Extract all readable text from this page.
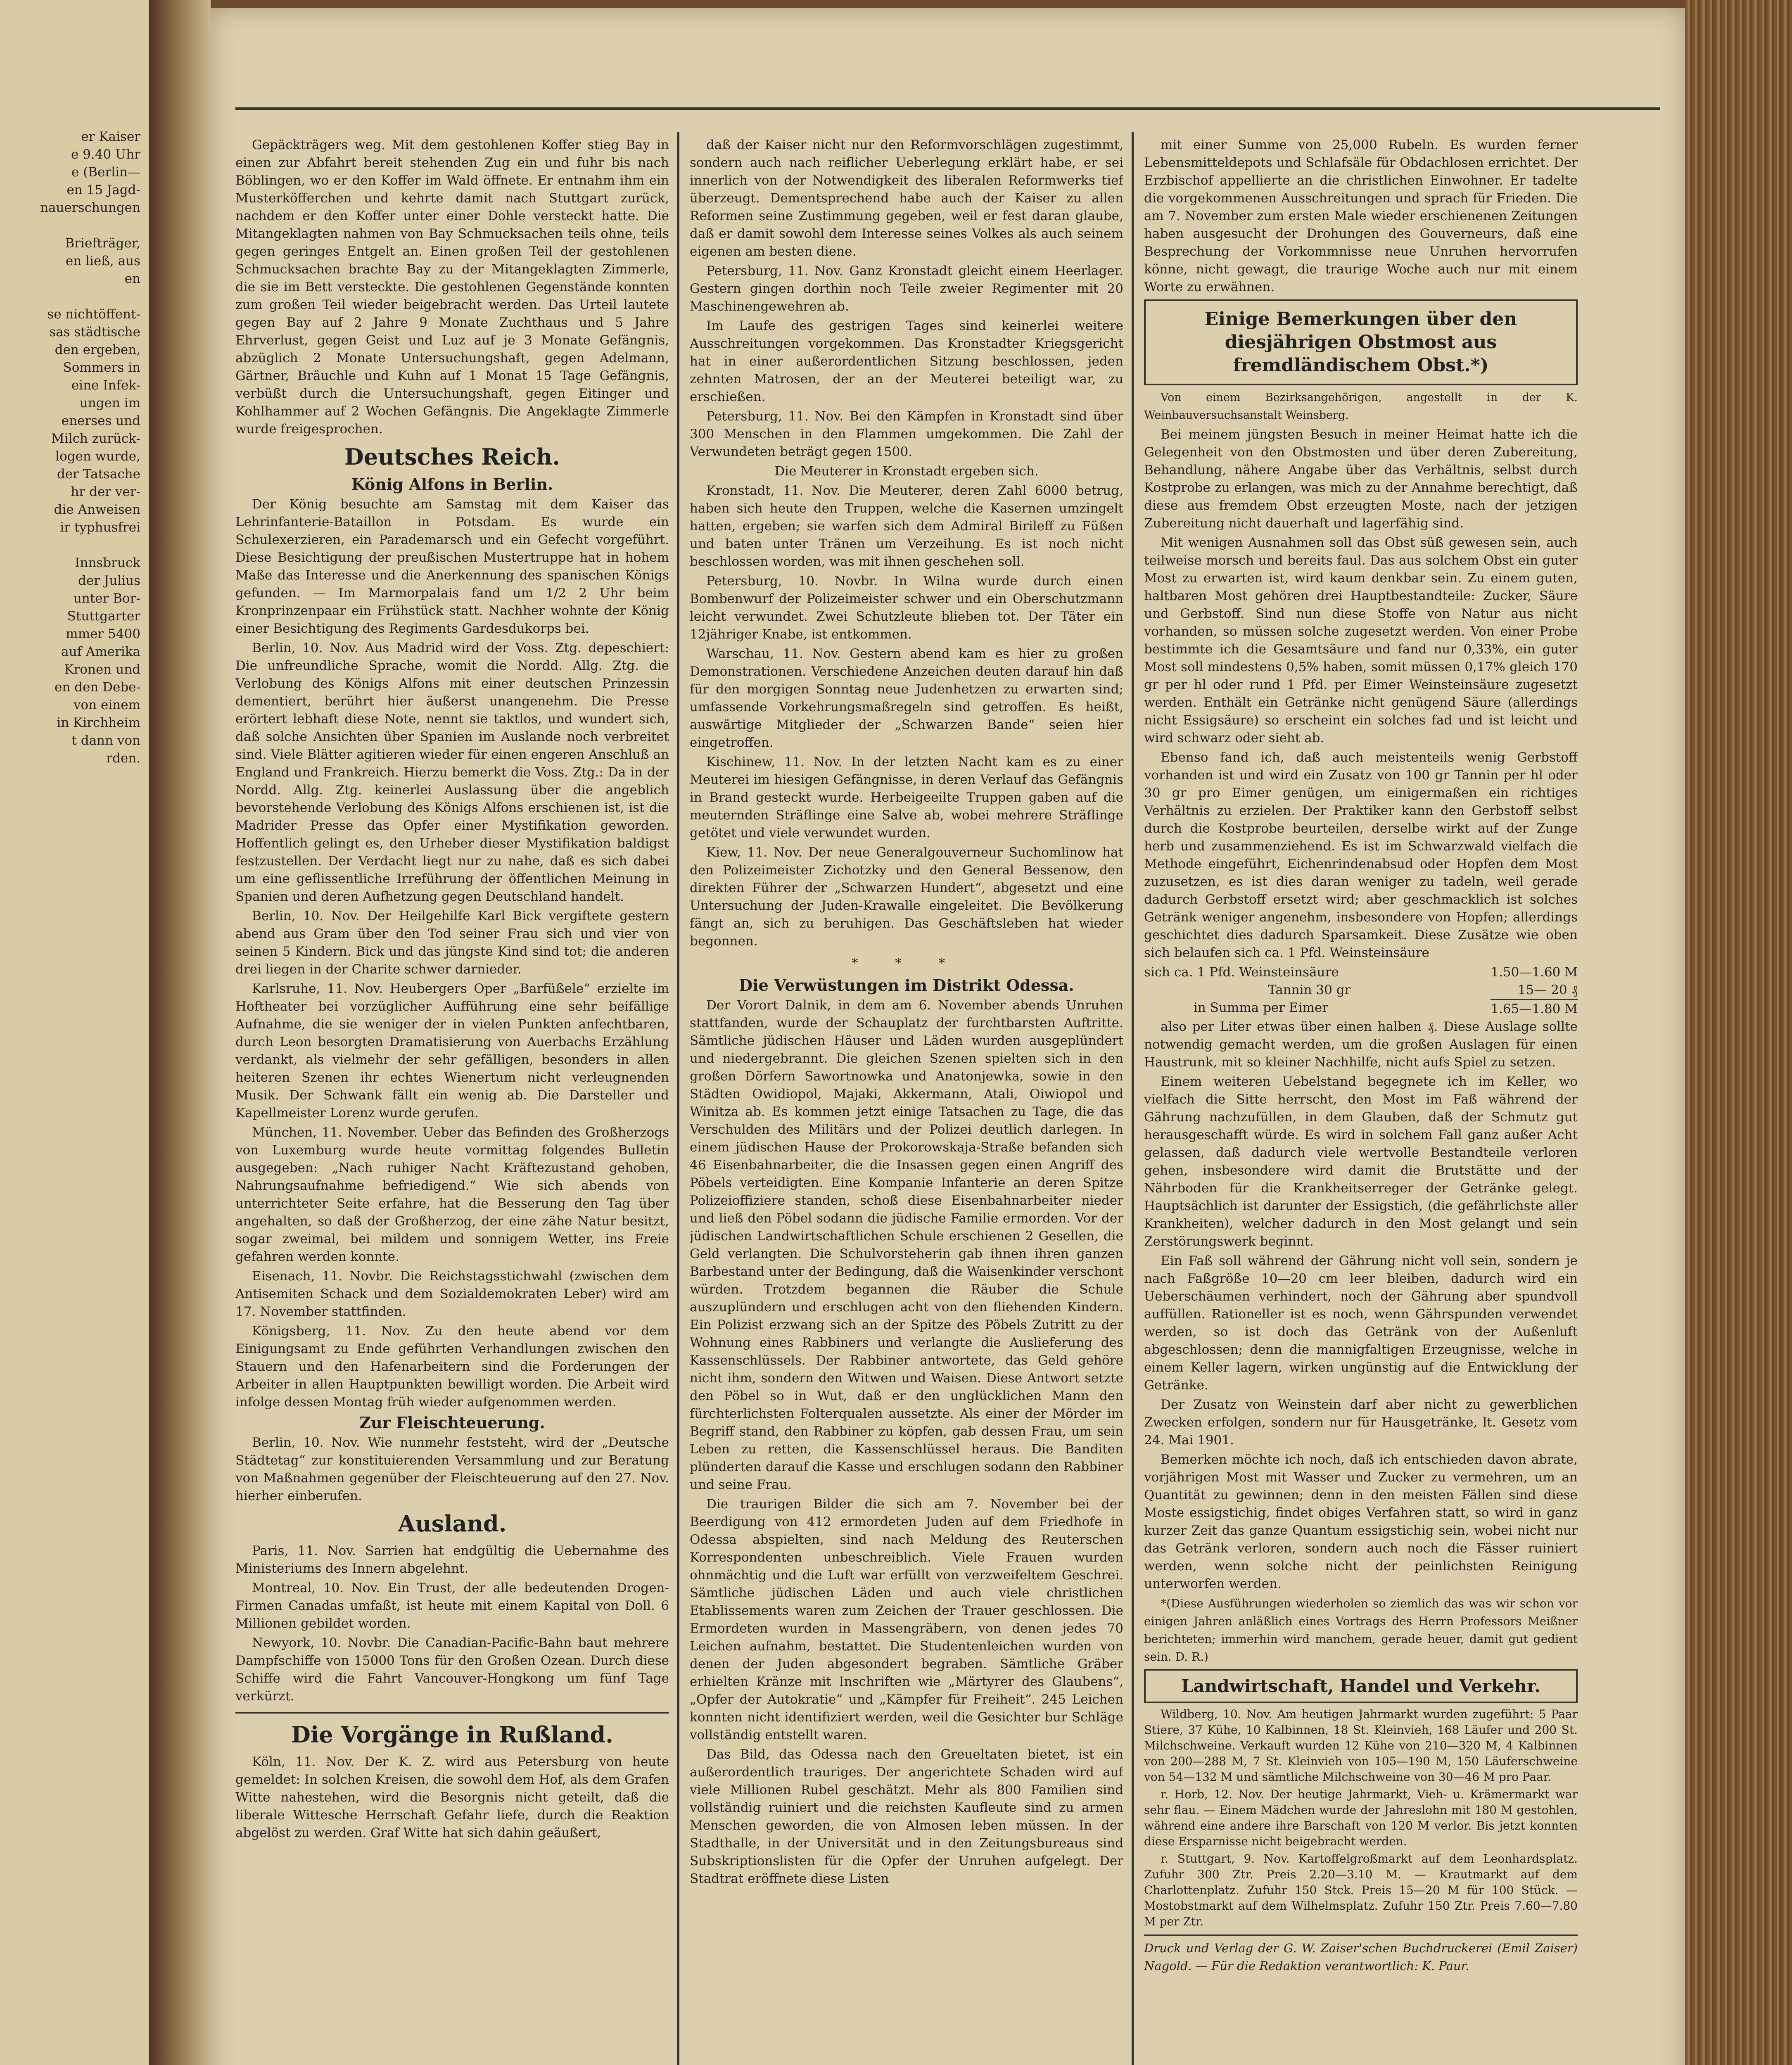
er Kaiser
e 9.40 Uhr
e (Berlin—
en 15 Jagd-
nauerschungen

Briefträger,
en ließ, aus
en

se nichtöffent-
sas städtische
den ergeben,
Sommers in
eine Infek-
ungen im
enerses und
Milch zurück-
logen wurde,
der Tatsache
hr der ver-
die Anweisen
ir typhusfrei

Innsbruck
der Julius
unter Bor-
Stuttgarter
mmer 5400
auf Amerika
Kronen und
en den Debe-
von einem
in Kirchheim
t dann von
rden.

Gepäckträgers weg. Mit dem gestohlenen Koffer stieg Bay in einen zur Abfahrt bereit stehenden Zug ein und fuhr bis nach Böblingen, wo er den Koffer im Wald öffnete. Er entnahm ihm ein Musterköfferchen und kehrte damit nach Stuttgart zurück, nachdem er den Koffer unter einer Dohle versteckt hatte. Die Mitangeklagten nahmen von Bay Schmucksachen teils ohne, teils gegen geringes Entgelt an. Einen großen Teil der gestohlenen Schmucksachen brachte Bay zu der Mitangeklagten Zimmerle, die sie im Bett versteckte. Die gestohlenen Gegenstände konnten zum großen Teil wieder beigebracht werden. Das Urteil lautete gegen Bay auf 2 Jahre 9 Monate Zuchthaus und 5 Jahre Ehrverlust, gegen Geist und Luz auf je 3 Monate Gefängnis, abzüglich 2 Monate Untersuchungshaft, gegen Adelmann, Gärtner, Bräuchle und Kuhn auf 1 Monat 15 Tage Gefängnis, verbüßt durch die Untersuchungshaft, gegen Eitinger und Kohlhammer auf 2 Wochen Gefängnis. Die Angeklagte Zimmerle wurde freigesprochen.

Deutsches Reich.
König Alfons in Berlin.

Der König besuchte am Samstag mit dem Kaiser das Lehrinfanterie-Bataillon in Potsdam. Es wurde ein Schulexerzieren, ein Parademarsch und ein Gefecht vorgeführt. Diese Besichtigung der preußischen Mustertruppe hat in hohem Maße das Interesse und die Anerkennung des spanischen Königs gefunden. — Im Marmorpalais fand um 1/2 2 Uhr beim Kronprinzenpaar ein Frühstück statt. Nachher wohnte der König einer Besichtigung des Regiments Gardesdukorps bei.

Berlin, 10. Nov. Aus Madrid wird der Voss. Ztg. depeschiert: Die unfreundliche Sprache, womit die Nordd. Allg. Ztg. die Verlobung des Königs Alfons mit einer deutschen Prinzessin dementiert, berührt hier äußerst unangenehm. Die Presse erörtert lebhaft diese Note, nennt sie taktlos, und wundert sich, daß solche Ansichten über Spanien im Auslande noch verbreitet sind. Viele Blätter agitieren wieder für einen engeren Anschluß an England und Frankreich. Hierzu bemerkt die Voss. Ztg.: Da in der Nordd. Allg. Ztg. keinerlei Auslassung über die angeblich bevorstehende Verlobung des Königs Alfons erschienen ist, ist die Madrider Presse das Opfer einer Mystifikation geworden. Hoffentlich gelingt es, den Urheber dieser Mystifikation baldigst festzustellen. Der Verdacht liegt nur zu nahe, daß es sich dabei um eine geflissentliche Irreführung der öffentlichen Meinung in Spanien und deren Aufhetzung gegen Deutschland handelt.

Berlin, 10. Nov. Der Heilgehilfe Karl Bick vergiftete gestern abend aus Gram über den Tod seiner Frau sich und vier von seinen 5 Kindern. Bick und das jüngste Kind sind tot; die anderen drei liegen in der Charite schwer darnieder.

Karlsruhe, 11. Nov. Heubergers Oper „Barfüßele“ erzielte im Hoftheater bei vorzüglicher Aufführung eine sehr beifällige Aufnahme, die sie weniger der in vielen Punkten anfechtbaren, durch Leon besorgten Dramatisierung von Auerbachs Erzählung verdankt, als vielmehr der sehr gefälligen, besonders in allen heiteren Szenen ihr echtes Wienertum nicht verleugnenden Musik. Der Schwank fällt ein wenig ab. Die Darsteller und Kapellmeister Lorenz wurde gerufen.

München, 11. November. Ueber das Befinden des Großherzogs von Luxemburg wurde heute vormittag folgendes Bulletin ausgegeben: „Nach ruhiger Nacht Kräftezustand gehoben, Nahrungsaufnahme befriedigend.“ Wie sich abends von unterrichteter Seite erfahre, hat die Besserung den Tag über angehalten, so daß der Großherzog, der eine zähe Natur besitzt, sogar zweimal, bei mildem und sonnigem Wetter, ins Freie gefahren werden konnte.

Eisenach, 11. Novbr. Die Reichstagsstichwahl (zwischen dem Antisemiten Schack und dem Sozialdemokraten Leber) wird am 17. November stattfinden.

Königsberg, 11. Nov. Zu den heute abend vor dem Einigungsamt zu Ende geführten Verhandlungen zwischen den Stauern und den Hafenarbeitern sind die Forderungen der Arbeiter in allen Hauptpunkten bewilligt worden. Die Arbeit wird infolge dessen Montag früh wieder aufgenommen werden.

Zur Fleischteuerung.

Berlin, 10. Nov. Wie nunmehr feststeht, wird der „Deutsche Städtetag“ zur konstituierenden Versammlung und zur Beratung von Maßnahmen gegenüber der Fleischteuerung auf den 27. Nov. hierher einberufen.

Ausland.

Paris, 11. Nov. Sarrien hat endgültig die Uebernahme des Ministeriums des Innern abgelehnt.

Montreal, 10. Nov. Ein Trust, der alle bedeutenden Drogen-Firmen Canadas umfaßt, ist heute mit einem Kapital von Doll. 6 Millionen gebildet worden.

Newyork, 10. Novbr. Die Canadian-Pacific-Bahn baut mehrere Dampfschiffe von 15000 Tons für den Großen Ozean. Durch diese Schiffe wird die Fahrt Vancouver-Hongkong um fünf Tage verkürzt.

Die Vorgänge in Rußland.

Köln, 11. Nov. Der K. Z. wird aus Petersburg von heute gemeldet: In solchen Kreisen, die sowohl dem Hof, als dem Grafen Witte nahestehen, wird die Besorgnis nicht geteilt, daß die liberale Wittesche Herrschaft Gefahr liefe, durch die Reaktion abgelöst zu werden. Graf Witte hat sich dahin geäußert,

daß der Kaiser nicht nur den Reformvorschlägen zugestimmt, sondern auch nach reiflicher Ueberlegung erklärt habe, er sei innerlich von der Notwendigkeit des liberalen Reformwerks tief überzeugt. Dementsprechend habe auch der Kaiser zu allen Reformen seine Zustimmung gegeben, weil er fest daran glaube, daß er damit sowohl dem Interesse seines Volkes als auch seinem eigenen am besten diene.

Petersburg, 11. Nov. Ganz Kronstadt gleicht einem Heerlager. Gestern gingen dorthin noch Teile zweier Regimenter mit 20 Maschinengewehren ab.

Im Laufe des gestrigen Tages sind keinerlei weitere Ausschreitungen vorgekommen. Das Kronstadter Kriegsgericht hat in einer außerordentlichen Sitzung beschlossen, jeden zehnten Matrosen, der an der Meuterei beteiligt war, zu erschießen.

Petersburg, 11. Nov. Bei den Kämpfen in Kronstadt sind über 300 Menschen in den Flammen umgekommen. Die Zahl der Verwundeten beträgt gegen 1500.

Die Meuterer in Kronstadt ergeben sich.

Kronstadt, 11. Nov. Die Meuterer, deren Zahl 6000 betrug, haben sich heute den Truppen, welche die Kasernen umzingelt hatten, ergeben; sie warfen sich dem Admiral Birileff zu Füßen und baten unter Tränen um Verzeihung. Es ist noch nicht beschlossen worden, was mit ihnen geschehen soll.

Petersburg, 10. Novbr. In Wilna wurde durch einen Bombenwurf der Polizeimeister schwer und ein Oberschutzmann leicht verwundet. Zwei Schutzleute blieben tot. Der Täter ein 12jähriger Knabe, ist entkommen.

Warschau, 11. Nov. Gestern abend kam es hier zu großen Demonstrationen. Verschiedene Anzeichen deuten darauf hin daß für den morgigen Sonntag neue Judenhetzen zu erwarten sind; umfassende Vorkehrungsmaßregeln sind getroffen. Es heißt, auswärtige Mitglieder der „Schwarzen Bande“ seien hier eingetroffen.

Kischinew, 11. Nov. In der letzten Nacht kam es zu einer Meuterei im hiesigen Gefängnisse, in deren Verlauf das Gefängnis in Brand gesteckt wurde. Herbeigeeilte Truppen gaben auf die meuternden Sträflinge eine Salve ab, wobei mehrere Sträflinge getötet und viele verwundet wurden.

Kiew, 11. Nov. Der neue Generalgouverneur Suchomlinow hat den Polizeimeister Zichotzky und den General Bessenow, den direkten Führer der „Schwarzen Hundert“, abgesetzt und eine Untersuchung der Juden-Krawalle eingeleitet. Die Bevölkerung fängt an, sich zu beruhigen. Das Geschäftsleben hat wieder begonnen.

* * *
Die Verwüstungen im Distrikt Odessa.

Der Vorort Dalnik, in dem am 6. November abends Unruhen stattfanden, wurde der Schauplatz der furchtbarsten Auftritte. Sämtliche jüdischen Häuser und Läden wurden ausgeplündert und niedergebrannt. Die gleichen Szenen spielten sich in den großen Dörfern Sawortnowka und Anatonjewka, sowie in den Städten Owidiopol, Majaki, Akkermann, Atali, Oiwiopol und Winitza ab. Es kommen jetzt einige Tatsachen zu Tage, die das Verschulden des Militärs und der Polizei deutlich darlegen. In einem jüdischen Hause der Prokorowskaja-Straße befanden sich 46 Eisenbahnarbeiter, die die Insassen gegen einen Angriff des Pöbels verteidigten. Eine Kompanie Infanterie an deren Spitze Polizeioffiziere standen, schoß diese Eisenbahnarbeiter nieder und ließ den Pöbel sodann die jüdische Familie ermorden. Vor der jüdischen Landwirtschaftlichen Schule erschienen 2 Gesellen, die Geld verlangten. Die Schulvorsteherin gab ihnen ihren ganzen Barbestand unter der Bedingung, daß die Waisenkinder verschont würden. Trotzdem begannen die Räuber die Schule auszuplündern und erschlugen acht von den fliehenden Kindern. Ein Polizist erzwang sich an der Spitze des Pöbels Zutritt zu der Wohnung eines Rabbiners und verlangte die Auslieferung des Kassenschlüssels. Der Rabbiner antwortete, das Geld gehöre nicht ihm, sondern den Witwen und Waisen. Diese Antwort setzte den Pöbel so in Wut, daß er den unglücklichen Mann den fürchterlichsten Folterqualen aussetzte. Als einer der Mörder im Begriff stand, den Rabbiner zu köpfen, gab dessen Frau, um sein Leben zu retten, die Kassenschlüssel heraus. Die Banditen plünderten darauf die Kasse und erschlugen sodann den Rabbiner und seine Frau.

Die traurigen Bilder die sich am 7. November bei der Beerdigung von 412 ermordeten Juden auf dem Friedhofe in Odessa abspielten, sind nach Meldung des Reuterschen Korrespondenten unbeschreiblich. Viele Frauen wurden ohnmächtig und die Luft war erfüllt von verzweifeltem Geschrei. Sämtliche jüdischen Läden und auch viele christlichen Etablissements waren zum Zeichen der Trauer geschlossen. Die Ermordeten wurden in Massengräbern, von denen jedes 70 Leichen aufnahm, bestattet. Die Studentenleichen wurden von denen der Juden abgesondert begraben. Sämtliche Gräber erhielten Kränze mit Inschriften wie „Märtyrer des Glaubens“, „Opfer der Autokratie“ und „Kämpfer für Freiheit“. 245 Leichen konnten nicht identifiziert werden, weil die Gesichter bur Schläge vollständig entstellt waren.

Das Bild, das Odessa nach den Greueltaten bietet, ist ein außerordentlich trauriges. Der angerichtete Schaden wird auf viele Millionen Rubel geschätzt. Mehr als 800 Familien sind vollständig ruiniert und die reichsten Kaufleute sind zu armen Menschen geworden, die von Almosen leben müssen. In der Stadthalle, in der Universität und in den Zeitungsbureaus sind Subskriptionslisten für die Opfer der Unruhen aufgelegt. Der Stadtrat eröffnete diese Listen

mit einer Summe von 25,000 Rubeln. Es wurden ferner Lebensmitteldepots und Schlafsäle für Obdachlosen errichtet. Der Erzbischof appellierte an die christlichen Einwohner. Er tadelte die vorgekommenen Ausschreitungen und sprach für Frieden. Die am 7. November zum ersten Male wieder erschienenen Zeitungen haben ausgesucht der Drohungen des Gouverneurs, daß eine Besprechung der Vorkommnisse neue Unruhen hervorrufen könne, nicht gewagt, die traurige Woche auch nur mit einem Worte zu erwähnen.

Einige Bemerkungen über den diesjährigen Obstmost aus fremdländischem Obst.*)

Von einem Bezirksangehörigen, angestellt in der K. Weinbauversuchsanstalt Weinsberg.

Bei meinem jüngsten Besuch in meiner Heimat hatte ich die Gelegenheit von den Obstmosten und über deren Zubereitung, Behandlung, nähere Angabe über das Verhältnis, selbst durch Kostprobe zu erlangen, was mich zu der Annahme berechtigt, daß diese aus fremdem Obst erzeugten Moste, nach der jetzigen Zubereitung nicht dauerhaft und lagerfähig sind.

Mit wenigen Ausnahmen soll das Obst süß gewesen sein, auch teilweise morsch und bereits faul. Das aus solchem Obst ein guter Most zu erwarten ist, wird kaum denkbar sein. Zu einem guten, haltbaren Most gehören drei Hauptbestandteile: Zucker, Säure und Gerbstoff. Sind nun diese Stoffe von Natur aus nicht vorhanden, so müssen solche zugesetzt werden. Von einer Probe bestimmte ich die Gesamtsäure und fand nur 0,33%, ein guter Most soll mindestens 0,5% haben, somit müssen 0,17% gleich 170 gr per hl oder rund 1 Pfd. per Eimer Weinsteinsäure zugesetzt werden. Enthält ein Getränke nicht genügend Säure (allerdings nicht Essigsäure) so erscheint ein solches fad und ist leicht und wird schwarz oder sieht ab.

Ebenso fand ich, daß auch meistenteils wenig Gerbstoff vorhanden ist und wird ein Zusatz von 100 gr Tannin per hl oder 30 gr pro Eimer genügen, um einigermaßen ein richtiges Verhältnis zu erzielen. Der Praktiker kann den Gerbstoff selbst durch die Kostprobe beurteilen, derselbe wirkt auf der Zunge herb und zusammenziehend. Es ist im Schwarzwald vielfach die Methode eingeführt, Eichenrindenabsud oder Hopfen dem Most zuzusetzen, es ist dies daran weniger zu tadeln, weil gerade dadurch Gerbstoff ersetzt wird; aber geschmacklich ist solches Getränk weniger angenehm, insbesondere von Hopfen; allerdings geschichtet dies dadurch Sparsamkeit. Diese Zusätze wie oben sich belaufen sich ca. 1 Pfd. Weinsteinsäure

sich ca. 1 Pfd. Weinsteinsäure	1.50—1.60 M
Tannin 30 gr	15— 20 ₰
in Summa per Eimer	1.65—1.80 M

also per Liter etwas über einen halben ₰. Diese Auslage sollte notwendig gemacht werden, um die großen Auslagen für einen Haustrunk, mit so kleiner Nachhilfe, nicht aufs Spiel zu setzen.

Einem weiteren Uebelstand begegnete ich im Keller, wo vielfach die Sitte herrscht, den Most im Faß während der Gährung nachzufüllen, in dem Glauben, daß der Schmutz gut herausgeschafft würde. Es wird in solchem Fall ganz außer Acht gelassen, daß dadurch viele wertvolle Bestandteile verloren gehen, insbesondere wird damit die Brutstätte und der Nährboden für die Krankheitserreger der Getränke gelegt. Hauptsächlich ist darunter der Essigstich, (die gefährlichste aller Krankheiten), welcher dadurch in den Most gelangt und sein Zerstörungswerk beginnt.

Ein Faß soll während der Gährung nicht voll sein, sondern je nach Faßgröße 10—20 cm leer bleiben, dadurch wird ein Ueberschäumen verhindert, noch der Gährung aber spundvoll auffüllen. Rationeller ist es noch, wenn Gährspunden verwendet werden, so ist doch das Getränk von der Außenluft abgeschlossen; denn die mannigfaltigen Erzeugnisse, welche in einem Keller lagern, wirken ungünstig auf die Entwicklung der Getränke.

Der Zusatz von Weinstein darf aber nicht zu gewerblichen Zwecken erfolgen, sondern nur für Hausgetränke, lt. Gesetz vom 24. Mai 1901.

Bemerken möchte ich noch, daß ich entschieden davon abrate, vorjährigen Most mit Wasser und Zucker zu vermehren, um an Quantität zu gewinnen; denn in den meisten Fällen sind diese Moste essigstichig, findet obiges Verfahren statt, so wird in ganz kurzer Zeit das ganze Quantum essigstichig sein, wobei nicht nur das Getränk verloren, sondern auch noch die Fässer ruiniert werden, wenn solche nicht der peinlichsten Reinigung unterworfen werden.

*(Diese Ausführungen wiederholen so ziemlich das was wir schon vor einigen Jahren anläßlich eines Vortrags des Herrn Professors Meißner berichteten; immerhin wird manchem, gerade heuer, damit gut gedient sein. D. R.)

Landwirtschaft, Handel und Verkehr.

Wildberg, 10. Nov. Am heutigen Jahrmarkt wurden zugeführt: 5 Paar Stiere, 37 Kühe, 10 Kalbinnen, 18 St. Kleinvieh, 168 Läufer und 200 St. Milchschweine. Verkauft wurden 12 Kühe von 210—320 M, 4 Kalbinnen von 200—288 M, 7 St. Kleinvieh von 105—190 M, 150 Läuferschweine von 54—132 M und sämtliche Milchschweine von 30—46 M pro Paar.

r. Horb, 12. Nov. Der heutige Jahrmarkt, Vieh- u. Krämermarkt war sehr flau. — Einem Mädchen wurde der Jahreslohn mit 180 M gestohlen, während eine andere ihre Barschaft von 120 M verlor. Bis jetzt konnten diese Ersparnisse nicht beigebracht werden.

r. Stuttgart, 9. Nov. Kartoffelgroßmarkt auf dem Leonhardsplatz. Zufuhr 300 Ztr. Preis 2.20—3.10 M. — Krautmarkt auf dem Charlottenplatz. Zufuhr 150 Stck. Preis 15—20 M für 100 Stück. — Mostobstmarkt auf dem Wilhelmsplatz. Zufuhr 150 Ztr. Preis 7.60—7.80 M per Ztr.

Druck und Verlag der G. W. Zaiser'schen Buchdruckerei (Emil Zaiser) Nagold. — Für die Redaktion verantwortlich: K. Paur.
